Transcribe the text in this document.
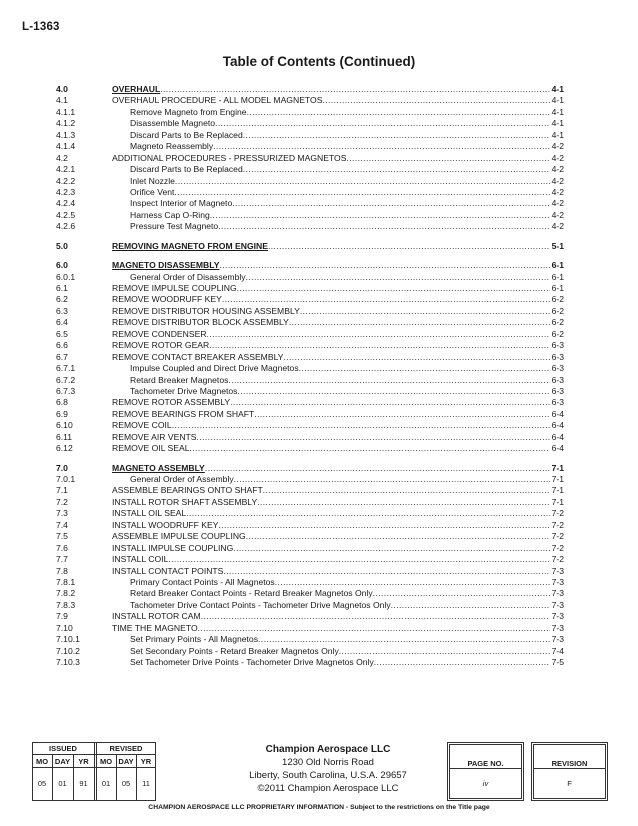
L-1363
Table of Contents (Continued)
4.0	OVERHAUL .....	4-1
4.1	OVERHAUL PROCEDURE - ALL MODEL MAGNETOS .....	4-1
4.1.1	Remove Magneto from Engine .....	4-1
4.1.2	Disassemble Magneto .....	4-1
4.1.3	Discard Parts to Be Replaced .....	4-1
4.1.4	Magneto Reassembly .....	4-2
4.2	ADDITIONAL PROCEDURES - PRESSURIZED MAGNETOS .....	4-2
4.2.1	Discard Parts to Be Replaced .....	4-2
4.2.2	Inlet Nozzle .....	4-2
4.2.3	Orifice Vent .....	4-2
4.2.4	Inspect Interior of Magneto .....	4-2
4.2.5	Harness Cap O-Ring .....	4-2
4.2.6	Pressure Test Magneto .....	4-2
5.0	REMOVING MAGNETO FROM ENGINE .....	5-1
6.0	MAGNETO DISASSEMBLY .....	6-1
6.0.1	General Order of Disassembly .....	6-1
6.1	REMOVE IMPULSE COUPLING .....	6-1
6.2	REMOVE WOODRUFF KEY .....	6-2
6.3	REMOVE DISTRIBUTOR HOUSING ASSEMBLY .....	6-2
6.4	REMOVE DISTRIBUTOR BLOCK ASSEMBLY .....	6-2
6.5	REMOVE CONDENSER .....	6-2
6.6	REMOVE ROTOR GEAR .....	6-3
6.7	REMOVE CONTACT BREAKER ASSEMBLY .....	6-3
6.7.1	Impulse Coupled and Direct Drive Magnetos .....	6-3
6.7.2	Retard Breaker Magnetos .....	6-3
6.7.3	Tachometer Drive Magnetos .....	6-3
6.8	REMOVE ROTOR ASSEMBLY .....	6-3
6.9	REMOVE BEARINGS FROM SHAFT .....	6-4
6.10	REMOVE COIL .....	6-4
6.11	REMOVE AIR VENTS .....	6-4
6.12	REMOVE OIL SEAL .....	6-4
7.0	MAGNETO ASSEMBLY .....	7-1
7.0.1	General Order of Assembly .....	7-1
7.1	ASSEMBLE BEARINGS ONTO SHAFT .....	7-1
7.2	INSTALL ROTOR SHAFT ASSEMBLY .....	7-1
7.3	INSTALL OIL SEAL .....	7-2
7.4	INSTALL WOODRUFF KEY .....	7-2
7.5	ASSEMBLE IMPULSE COUPLING .....	7-2
7.6	INSTALL IMPULSE COUPLING .....	7-2
7.7	INSTALL COIL .....	7-2
7.8	INSTALL CONTACT POINTS .....	7-3
7.8.1	Primary Contact Points - All Magnetos .....	7-3
7.8.2	Retard Breaker Contact Points - Retard Breaker Magnetos Only .....	7-3
7.8.3	Tachometer Drive Contact Points - Tachometer Drive Magnetos Only .....	7-3
7.9	INSTALL ROTOR CAM .....	7-3
7.10	TIME THE MAGNETO .....	7-3
7.10.1	Set Primary Points - All Magnetos .....	7-3
7.10.2	Set Secondary Points - Retard Breaker Magnetos Only .....	7-4
7.10.3	Set Tachometer Drive Points - Tachometer Drive Magnetos Only .....	7-5
ISSUED	REVISED
MO DAY	YR	MO DAY YR
05	01	91	01	05	11
Champion Aerospace LLC
1230 Old Norris Road
Liberty, South Carolina, U.S.A. 29657
©2011 Champion Aerospace LLC
PAGE NO.
iv
REVISION
F
CHAMPION AEROSPACE LLC PROPRIETARY INFORMATION - Subject to the restrictions on the Title page
